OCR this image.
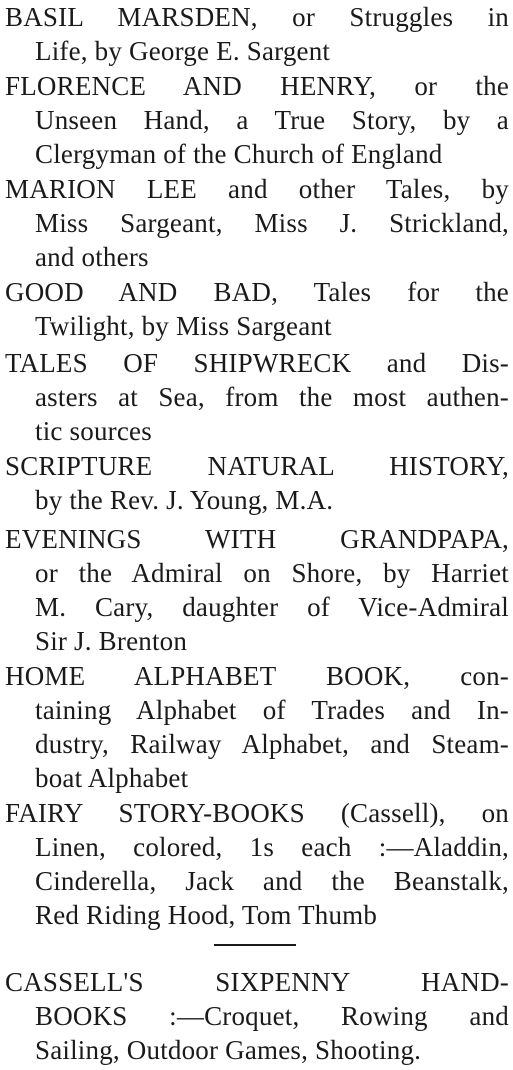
BASIL MARSDEN, or Struggles in
Life, by George E. Sargent
FLORENCE AND HENRY, or the
Unseen Hand, a True Story, by a
Clergyman of the Church of England
MARION LEE and other Tales, by
Miss Sargeant, Miss J. Strickland,
and others
GOOD AND BAD, Tales for the
Twilight, by Miss Sargeant
TALES OF SHIPWRECK and Dis-
asters at Sea, from the most authen-
tic sources
SCRIPTURE NATURAL HISTORY,
by the Rev. J. Young, M.A.
EVENINGS WITH GRANDPAPA,
or the Admiral on Shore, by Harriet
M. Cary, daughter of Vice-Admiral
Sir J. Brenton
HOME ALPHABET BOOK, con-
taining Alphabet of Trades and In-
dustry, Railway Alphabet, and Steam-
boat Alphabet
FAIRY STORY-BOOKS (Cassell), on
Linen, colored, 1s each :—Aladdin,
Cinderella, Jack and the Beanstalk,
Red Riding Hood, Tom Thumb
CASSELL'S SIXPENNY HAND-
BOOKS :—Croquet, Rowing and
Sailing, Outdoor Games, Shooting.
